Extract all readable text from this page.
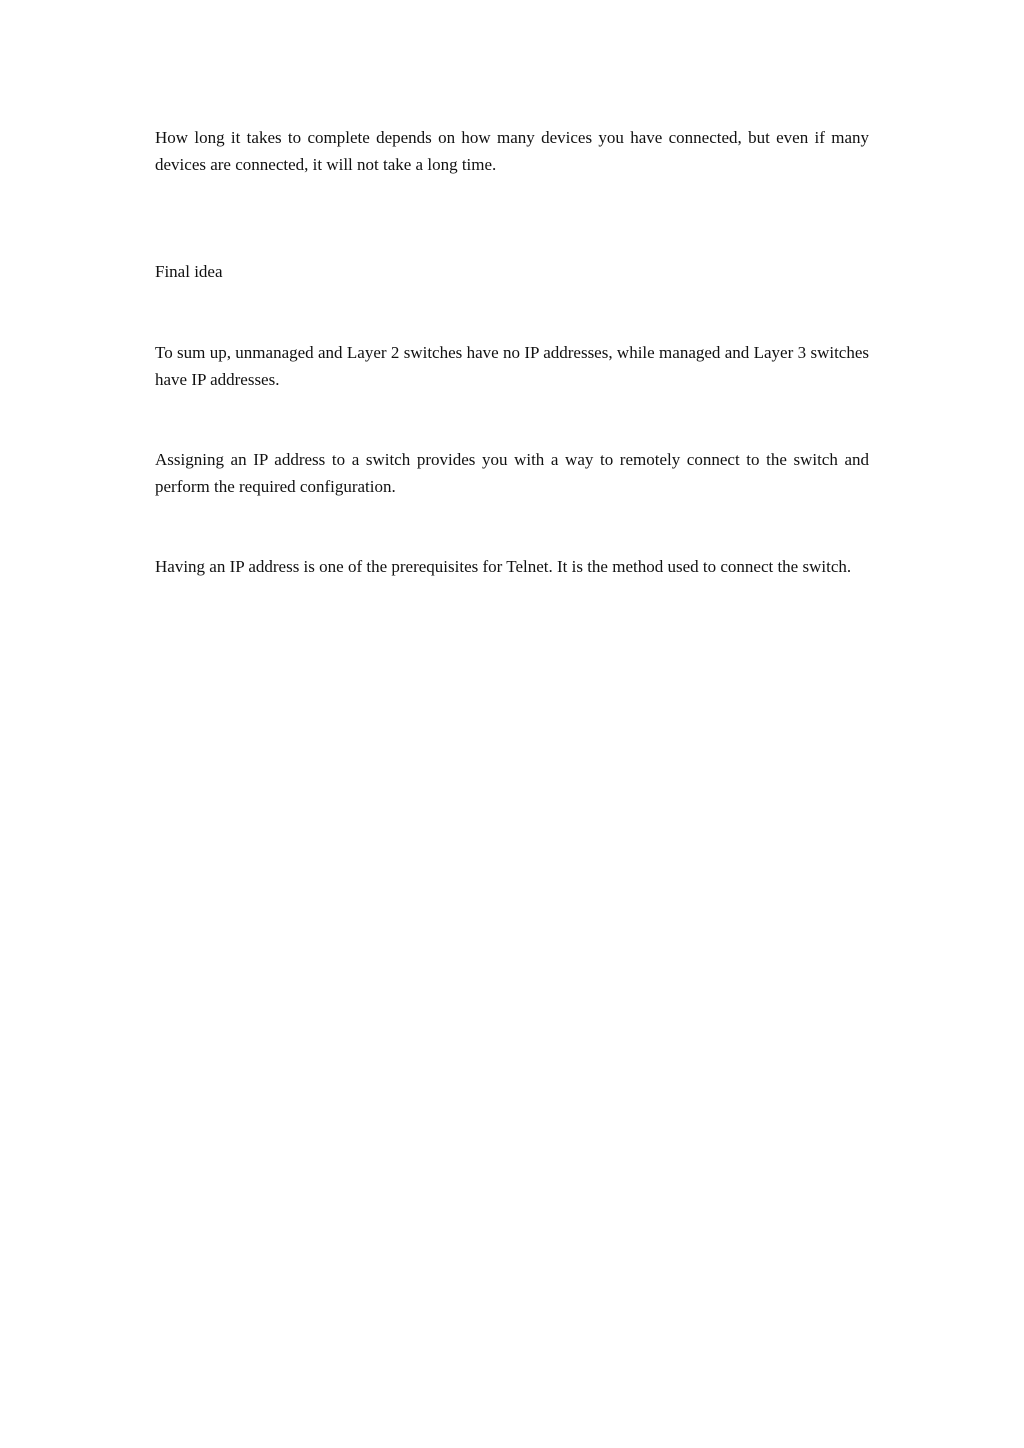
How long it takes to complete depends on how many devices you have connected, but even if many devices are connected, it will not take a long time.

Final idea

To sum up, unmanaged and Layer 2 switches have no IP addresses, while managed and Layer 3 switches have IP addresses.

Assigning an IP address to a switch provides you with a way to remotely connect to the switch and perform the required configuration.

Having an IP address is one of the prerequisites for Telnet. It is the method used to connect the switch.
